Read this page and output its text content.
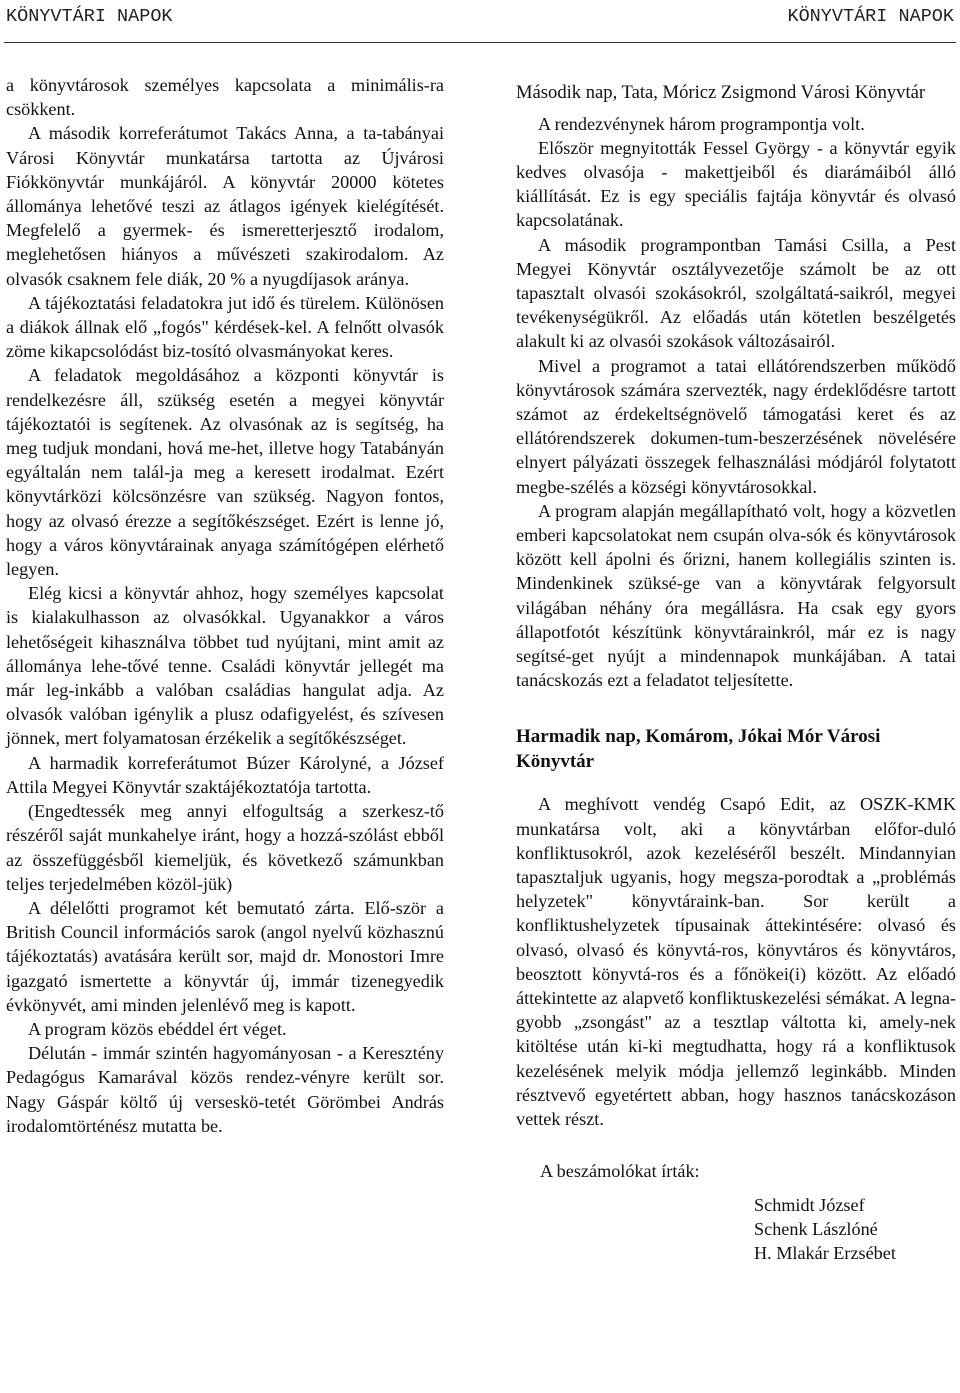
KÖNYVTÁRI NAPOK	KÖNYVTÁRI NAPOK

a könyvtárosok személyes kapcsolata a minimális-ra csökkent.

A második korreferátumot Takács Anna, a ta-tabányai Városi Könyvtár munkatársa tartotta az Újvárosi Fiókkönyvtár munkájáról. A könyvtár 20000 kötetes állománya lehetővé teszi az átlagos igények kielégítését. Megfelelő a gyermek- és ismeretterjesztő irodalom, meglehetősen hiányos a művészeti szakirodalom. Az olvasók csaknem fele diák, 20 % a nyugdíjasok aránya.

A tájékoztatási feladatokra jut idő és türelem. Különösen a diákok állnak elő „fogós" kérdések-kel. A felnőtt olvasók zöme kikapcsolódást biz-tosító olvasmányokat keres.

A feladatok megoldásához a központi könyvtár is rendelkezésre áll, szükség esetén a megyei könyvtár tájékoztatói is segítenek. Az olvasónak az is segítség, ha meg tudjuk mondani, hová me-het, illetve hogy Tatabányán egyáltalán nem talál-ja meg a keresett irodalmat. Ezért könyvtárközi kölcsönzésre van szükség. Nagyon fontos, hogy az olvasó érezze a segítőkészséget. Ezért is lenne jó, hogy a város könyvtárainak anyaga számítógépen elérhető legyen.

Elég kicsi a könyvtár ahhoz, hogy személyes kapcsolat is kialakulhasson az olvasókkal. Ugyanakkor a város lehetőségeit kihasználva többet tud nyújtani, mint amit az állománya lehe-tővé tenne. Családi könyvtár jellegét ma már leg-inkább a valóban családias hangulat adja. Az olvasók valóban igénylik a plusz odafigyelést, és szívesen jönnek, mert folyamatosan érzékelik a segítőkészséget.

A harmadik korreferátumot Búzer Károlyné, a József Attila Megyei Könyvtár szaktájékoztatója tartotta.

(Engedtessék meg annyi elfogultság a szerkesz-tő részéről saját munkahelye iránt, hogy a hozzá-szólást ebből az összefüggésből kiemeljük, és következő számunkban teljes terjedelmében közöl-jük)

A délelőtti programot két bemutató zárta. Elő-ször a British Council információs sarok (angol nyelvű közhasznú tájékoztatás) avatására került sor, majd dr. Monostori Imre igazgató ismertette a könyvtár új, immár tizenegyedik évkönyvét, ami minden jelenlévő meg is kapott.

A program közös ebéddel ért véget.

Délután - immár szintén hagyományosan - a Keresztény Pedagógus Kamarával közös rendez-vényre került sor. Nagy Gáspár költő új verseskö-tetét Görömbei András irodalomtörténész mutatta be.

Második nap, Tata, Móricz Zsigmond Városi Könyvtár

A rendezvénynek három programpontja volt.

Először megnyitották Fessel György - a könyvtár egyik kedves olvasója - makettjeiből és diarámáiból álló kiállítását. Ez is egy speciális fajtája könyvtár és olvasó kapcsolatának.

A második programpontban Tamási Csilla, a Pest Megyei Könyvtár osztályvezetője számolt be az ott tapasztalt olvasói szokásokról, szolgáltatá-saikról, megyei tevékenységükről. Az előadás után kötetlen beszélgetés alakult ki az olvasói szokások változásairól.

Mivel a programot a tatai ellátórendszerben működő könyvtárosok számára szervezték, nagy érdeklődésre tartott számot az érdekeltségnövelő támogatási keret és az ellátórendszerek dokumen-tum-beszerzésének növelésére elnyert pályázati összegek felhasználási módjáról folytatott megbe-szélés a községi könyvtárosokkal.

A program alapján megállapítható volt, hogy a közvetlen emberi kapcsolatokat nem csupán olva-sók és könyvtárosok között kell ápolni és őrizni, hanem kollegiális szinten is. Mindenkinek szüksé-ge van a könyvtárak felgyorsult világában néhány óra megállásra. Ha csak egy gyors állapotfotót készítünk könyvtárainkról, már ez is nagy segítsé-get nyújt a mindennapok munkájában. A tatai tanácskozás ezt a feladatot teljesítette.

Harmadik nap, Komárom, Jókai Mór Városi Könyvtár

A meghívott vendég Csapó Edit, az OSZK-KMK munkatársa volt, aki a könyvtárban előfor-duló konfliktusokról, azok kezeléséről beszélt. Mindannyian tapasztaljuk ugyanis, hogy megsza-porodtak a „problémás helyzetek" könyvtáraink-ban. Sor került a konfliktushelyzetek típusainak áttekintésére: olvasó és olvasó, olvasó és könyvtá-ros, könyvtáros és könyvtáros, beosztott könyvtá-ros és a főnökei(i) között. Az előadó áttekintette az alapvető konfliktuskezelési sémákat. A legna-gyobb „zsongást" az a tesztlap váltotta ki, amely-nek kitöltése után ki-ki megtudhatta, hogy rá a konfliktusok kezelésének melyik módja jellemző leginkább. Minden résztvevő egyetértett abban, hogy hasznos tanácskozáson vettek részt.

A beszámolókat írták:
Schmidt József
Schenk Lászlóné
H. Mlakár Erzsébet
